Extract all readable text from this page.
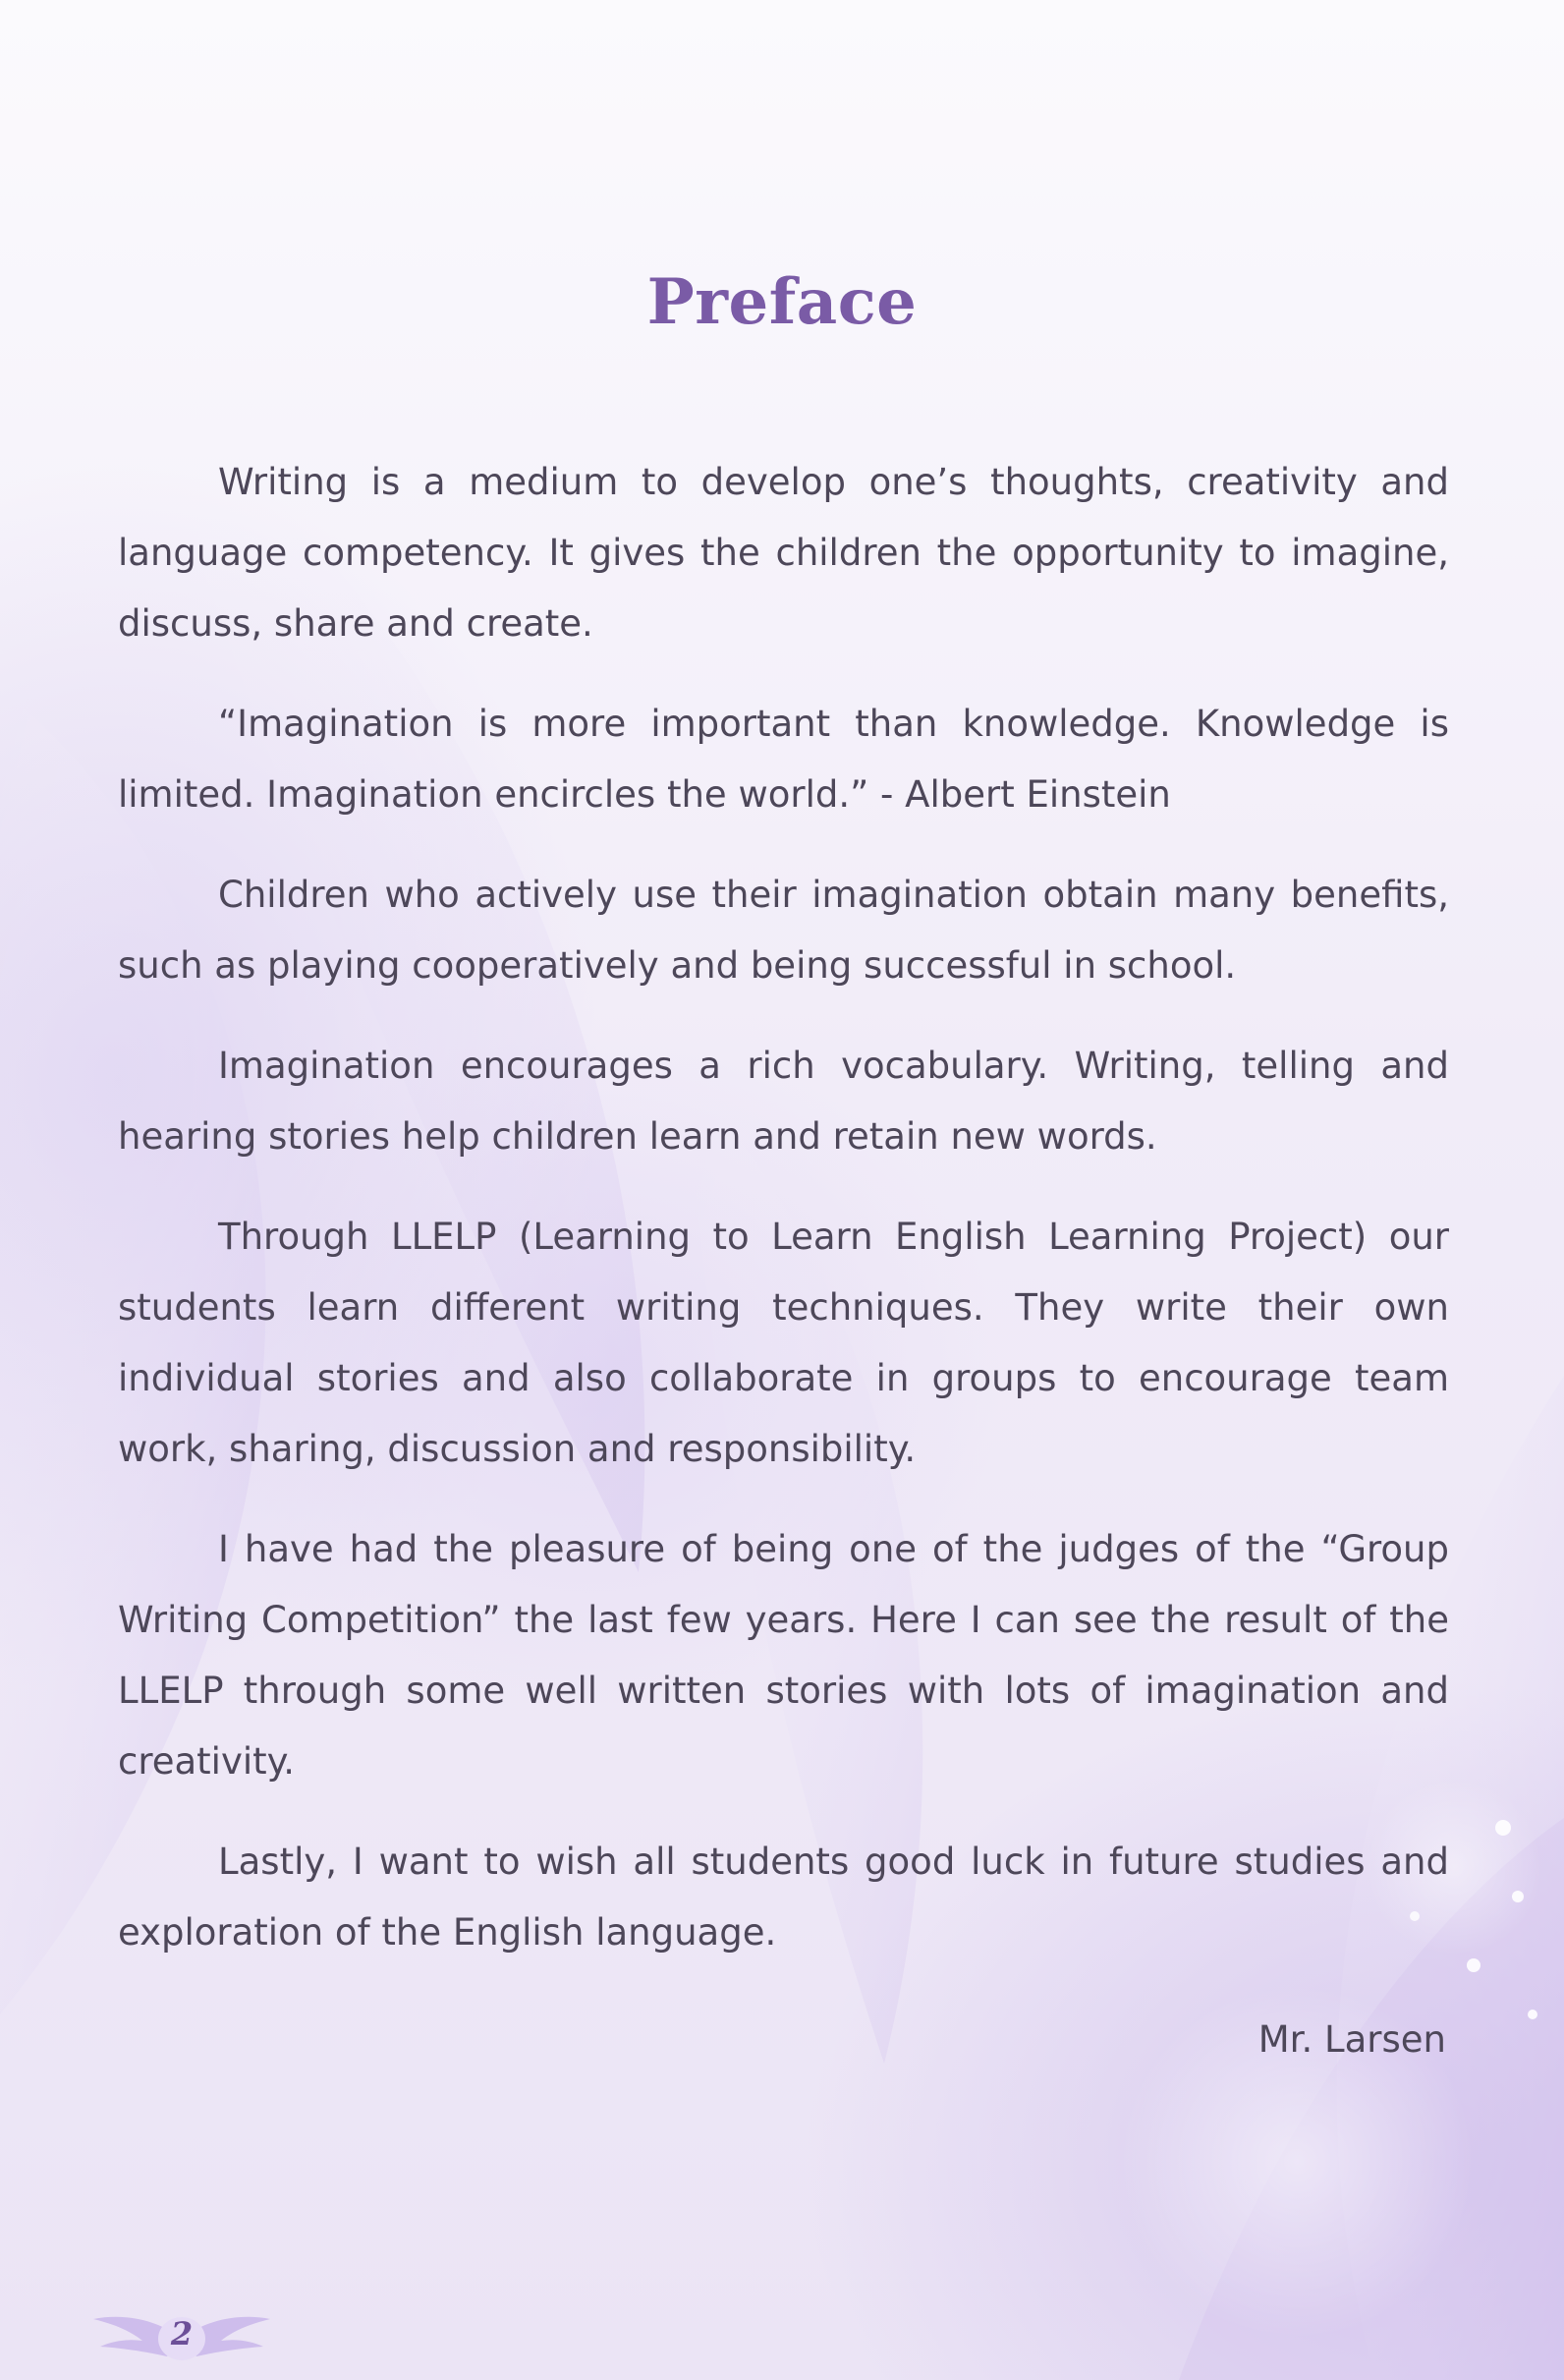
Preface

Writing is a medium to develop one’s thoughts, creativity and language competency. It gives the children the opportunity to imagine, discuss, share and create.

“Imagination is more important than knowledge. Knowledge is limited. Imagination encircles the world.” - Albert Einstein

Children who actively use their imagination obtain many benefits, such as playing cooperatively and being successful in school.

Imagination encourages a rich vocabulary. Writing, telling and hearing stories help children learn and retain new words.

Through LLELP (Learning to Learn English Learning Project) our students learn different writing techniques. They write their own individual stories and also collaborate in groups to encourage team work, sharing, discussion and responsibility.

I have had the pleasure of being one of the judges of the “Group Writing Competition” the last few years. Here I can see the result of the LLELP through some well written stories with lots of imagination and creativity.

Lastly, I want to wish all students good luck in future studies and exploration of the English language.

Mr. Larsen
2
